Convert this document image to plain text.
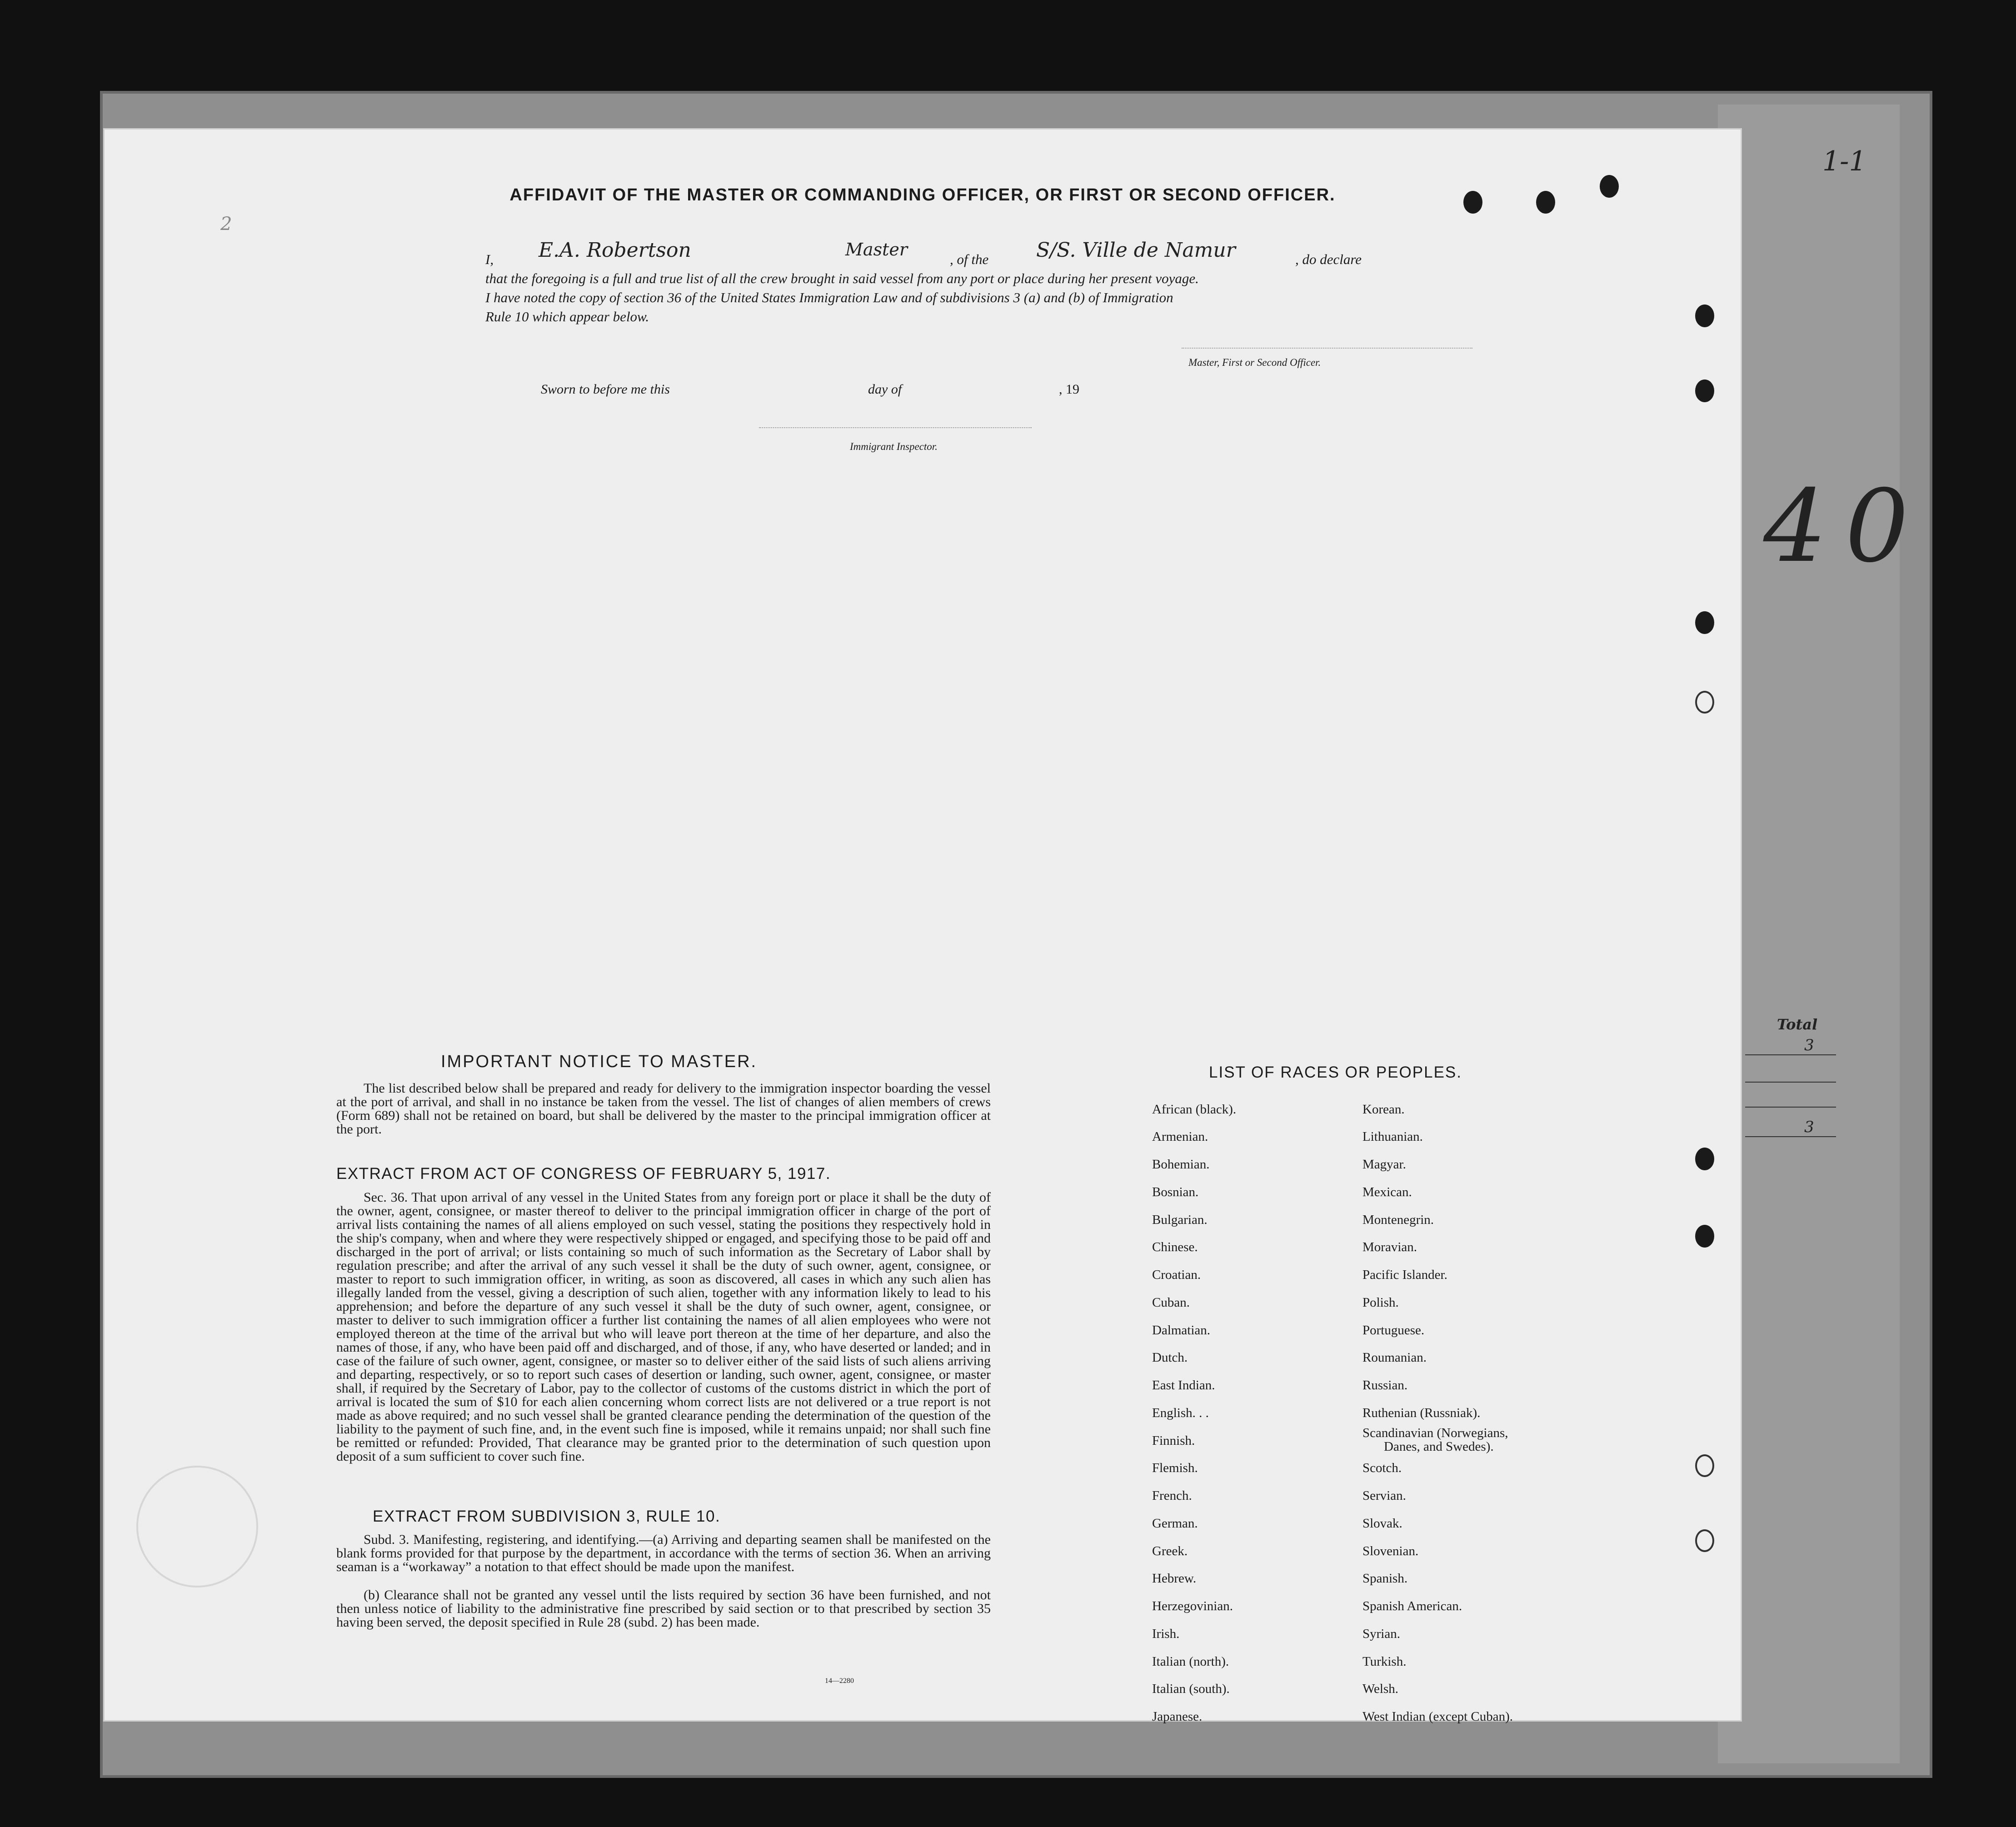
40
Total
3
3
1-1
AFFIDAVIT OF THE MASTER OR COMMANDING OFFICER, OR FIRST OR SECOND OFFICER.
I, E.A. Robertson	Master	, of the S/S. Ville de Namur	, do declare
that the foregoing is a full and true list of all the crew brought in said vessel from any port or place during her present voyage.
I have noted the copy of section 36 of the United States Immigration Law and of subdivisions 3 (a) and (b) of Immigration
Rule 10 which appear below.
Master, First or Second Officer.
Sworn to before me this	day of	, 19
Immigrant Inspector.
IMPORTANT NOTICE TO MASTER.
The list described below shall be prepared and ready for delivery to the immigration inspector boarding the vessel at the port of arrival, and shall in no instance be taken from the vessel. The list of changes of alien members of crews (Form 689) shall not be retained on board, but shall be delivered by the master to the principal immigration officer at the port.
EXTRACT FROM ACT OF CONGRESS OF FEBRUARY 5, 1917.
Sec. 36. That upon arrival of any vessel in the United States from any foreign port or place it shall be the duty of the owner, agent, consignee, or master thereof to deliver to the principal immigration officer in charge of the port of arrival lists containing the names of all aliens employed on such vessel, stating the positions they respectively hold in the ship's company, when and where they were respectively shipped or engaged, and specifying those to be paid off and discharged in the port of arrival; or lists containing so much of such information as the Secretary of Labor shall by regulation prescribe; and after the arrival of any such vessel it shall be the duty of such owner, agent, consignee, or master to report to such immigration officer, in writing, as soon as discovered, all cases in which any such alien has illegally landed from the vessel, giving a description of such alien, together with any information likely to lead to his apprehension; and before the departure of any such vessel it shall be the duty of such owner, agent, consignee, or master to deliver to such immigration officer a further list containing the names of all alien employees who were not employed thereon at the time of the arrival but who will leave port thereon at the time of her departure, and also the names of those, if any, who have been paid off and discharged, and of those, if any, who have deserted or landed; and in case of the failure of such owner, agent, consignee, or master so to deliver either of the said lists of such aliens arriving and departing, respectively, or so to report such cases of desertion or landing, such owner, agent, consignee, or master shall, if required by the Secretary of Labor, pay to the collector of customs of the customs district in which the port of arrival is located the sum of $10 for each alien concerning whom correct lists are not delivered or a true report is not made as above required; and no such vessel shall be granted clearance pending the determination of the question of the liability to the payment of such fine, and, in the event such fine is imposed, while it remains unpaid; nor shall such fine be remitted or refunded: Provided, That clearance may be granted prior to the determination of such question upon deposit of a sum sufficient to cover such fine.
EXTRACT FROM SUBDIVISION 3, RULE 10.
Subd. 3. Manifesting, registering, and identifying.—(a) Arriving and departing seamen shall be manifested on the blank forms provided for that purpose by the department, in accordance with the terms of section 36. When an arriving seaman is a “workaway” a notation to that effect should be made upon the manifest.
(b) Clearance shall not be granted any vessel until the lists required by section 36 have been furnished, and not then unless notice of liability to the administrative fine prescribed by said section or to that prescribed by section 35 having been served, the deposit specified in Rule 28 (subd. 2) has been made.
14—2280
LIST OF RACES OR PEOPLES.
African (black).
Armenian.
Bohemian.
Bosnian.
Bulgarian.
Chinese.
Croatian.
Cuban.
Dalmatian.
Dutch.
East Indian.
English. . .
Finnish.
Flemish.
French.
German.
Greek.
Hebrew.
Herzegovinian.
Irish.
Italian (north).
Italian (south).
Japanese.
Korean.
Lithuanian.
Magyar.
Mexican.
Montenegrin.
Moravian.
Pacific Islander.
Polish.
Portuguese.
Roumanian.
Russian.
Ruthenian (Russniak).
Scandinavian (Norwegians,
Danes, and Swedes).
Scotch.
Servian.
Slovak.
Slovenian.
Spanish.
Spanish American.
Syrian.
Turkish.
Welsh.
West Indian (except Cuban).
2
